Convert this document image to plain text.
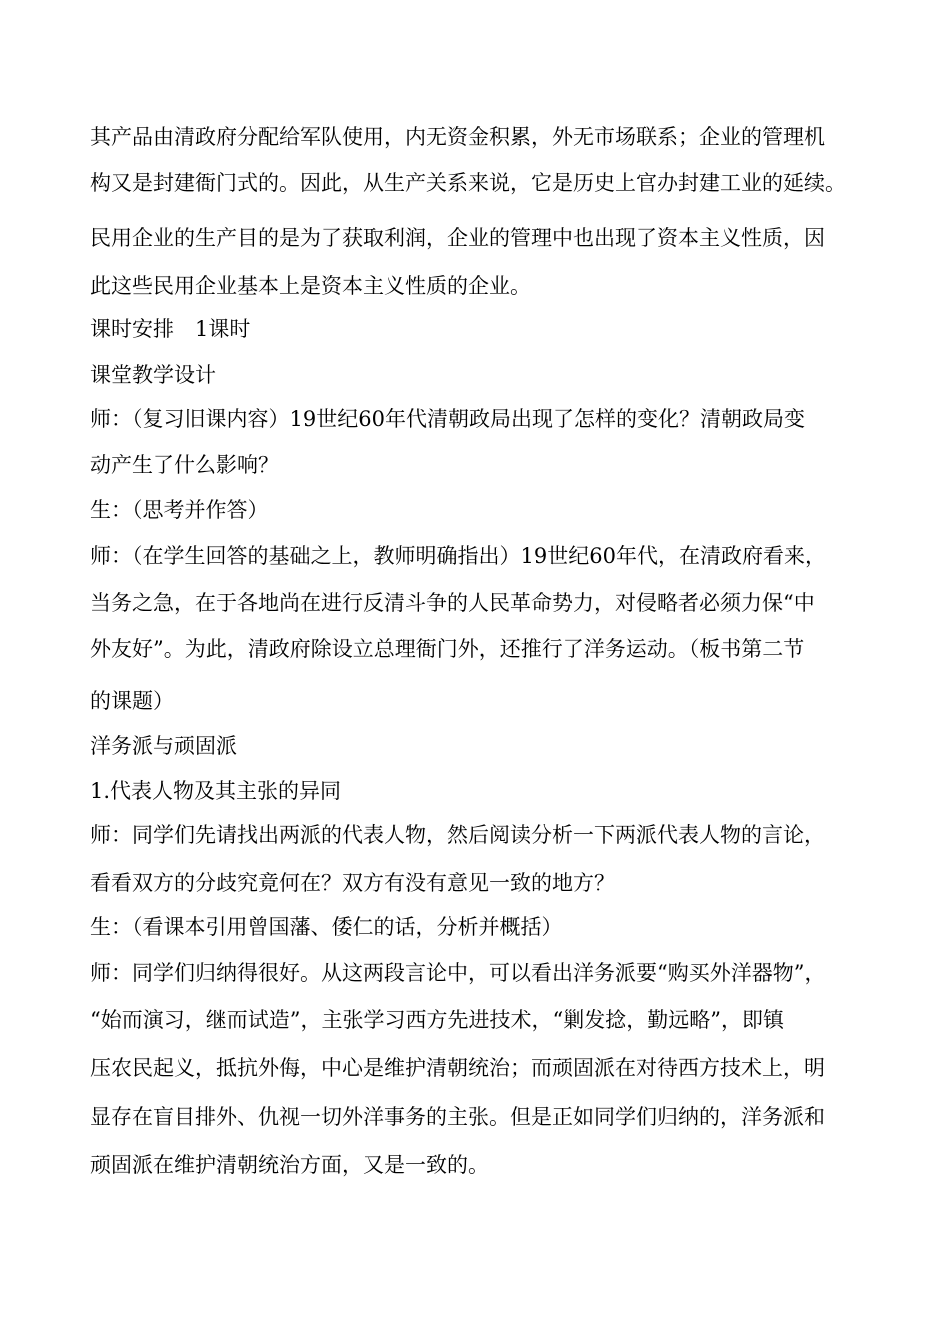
其产品由清政府分配给军队使用，内无资金积累，外无市场联系；企业的管理机
构又是封建衙门式的。因此，从生产关系来说，它是历史上官办封建工业的延续。
民用企业的生产目的是为了获取利润，企业的管理中也出现了资本主义性质，因
此这些民用企业基本上是资本主义性质的企业。
课时安排　1课时
课堂教学设计
师：（复习旧课内容）19世纪60年代清朝政局出现了怎样的变化？清朝政局变
动产生了什么影响？
生：（思考并作答）
师：（在学生回答的基础之上，教师明确指出）19世纪60年代，在清政府看来，
当务之急，在于各地尚在进行反清斗争的人民革命势力，对侵略者必须力保“中
外友好”。为此，清政府除设立总理衙门外，还推行了洋务运动。（板书第二节
的课题）
洋务派与顽固派
1.代表人物及其主张的异同
师：同学们先请找出两派的代表人物，然后阅读分析一下两派代表人物的言论，
看看双方的分歧究竟何在？双方有没有意见一致的地方？
生：（看课本引用曾国藩、倭仁的话，分析并概括）
师：同学们归纳得很好。从这两段言论中，可以看出洋务派要“购买外洋器物”，
“始而演习，继而试造”，主张学习西方先进技术，“剿发捻，勤远略”，即镇
压农民起义，抵抗外侮，中心是维护清朝统治；而顽固派在对待西方技术上，明
显存在盲目排外、仇视一切外洋事务的主张。但是正如同学们归纳的，洋务派和
顽固派在维护清朝统治方面，又是一致的。
